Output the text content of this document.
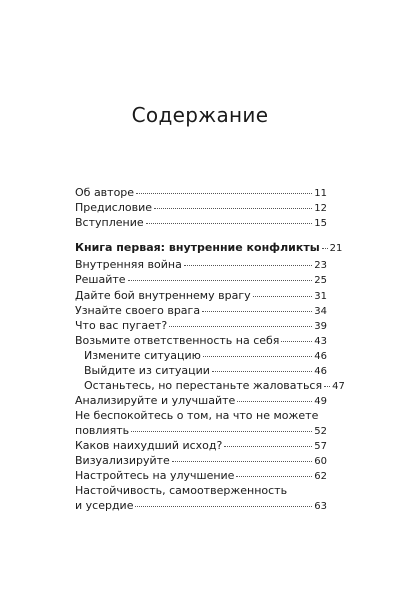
Содержание
Об авторе	11
Предисловие	12
Вступление	15
Книга первая: внутренние конфликты 21
Внутренняя война	23
Решайте	25
Дайте бой внутреннему врагу	31
Узнайте своего врага	34
Что вас пугает?	39
Возьмите ответственность на себя	43
Измените ситуацию	46
Выйдите из ситуации	46
Останьтесь, но перестаньте жаловаться 47
Анализируйте и улучшайте	49
Не беспокойтесь о том, на что не можете
повлиять	52
Каков наихудший исход?	57
Визуализируйте	60
Настройтесь на улучшение	62
Настойчивость, самоотверженность
и усердие	63
